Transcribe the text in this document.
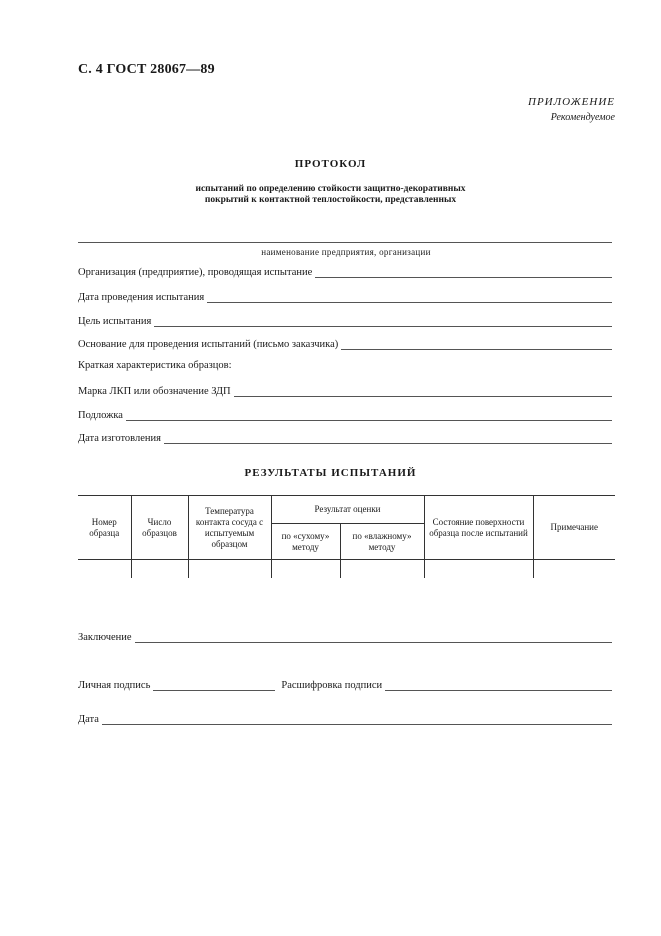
С. 4 ГОСТ 28067—89
ПРИЛОЖЕНИЕ
Рекомендуемое
ПРОТОКОЛ
испытаний по определению стойкости защитно-декоративных
покрытий к контактной теплостойкости, представленных
наименование предприятия, организации
Организация (предприятие), проводящая испытание
Дата проведения испытания
Цель испытания
Основание для проведения испытаний (письмо заказчика)
Краткая характеристика образцов:
Марка ЛКП или обозначение ЗДП
Подложка
Дата изготовления
РЕЗУЛЬТАТЫ ИСПЫТАНИЙ
Номер образца	Число образцов	Температура контакта сосуда с испытуемым образцом	Результат оценки		Состояние поверхности образца после испытаний	Примечание
			по «сухому» методу	по «влажному» методу		

Заключение
Личная подпись	Расшифровка подписи
Дата
